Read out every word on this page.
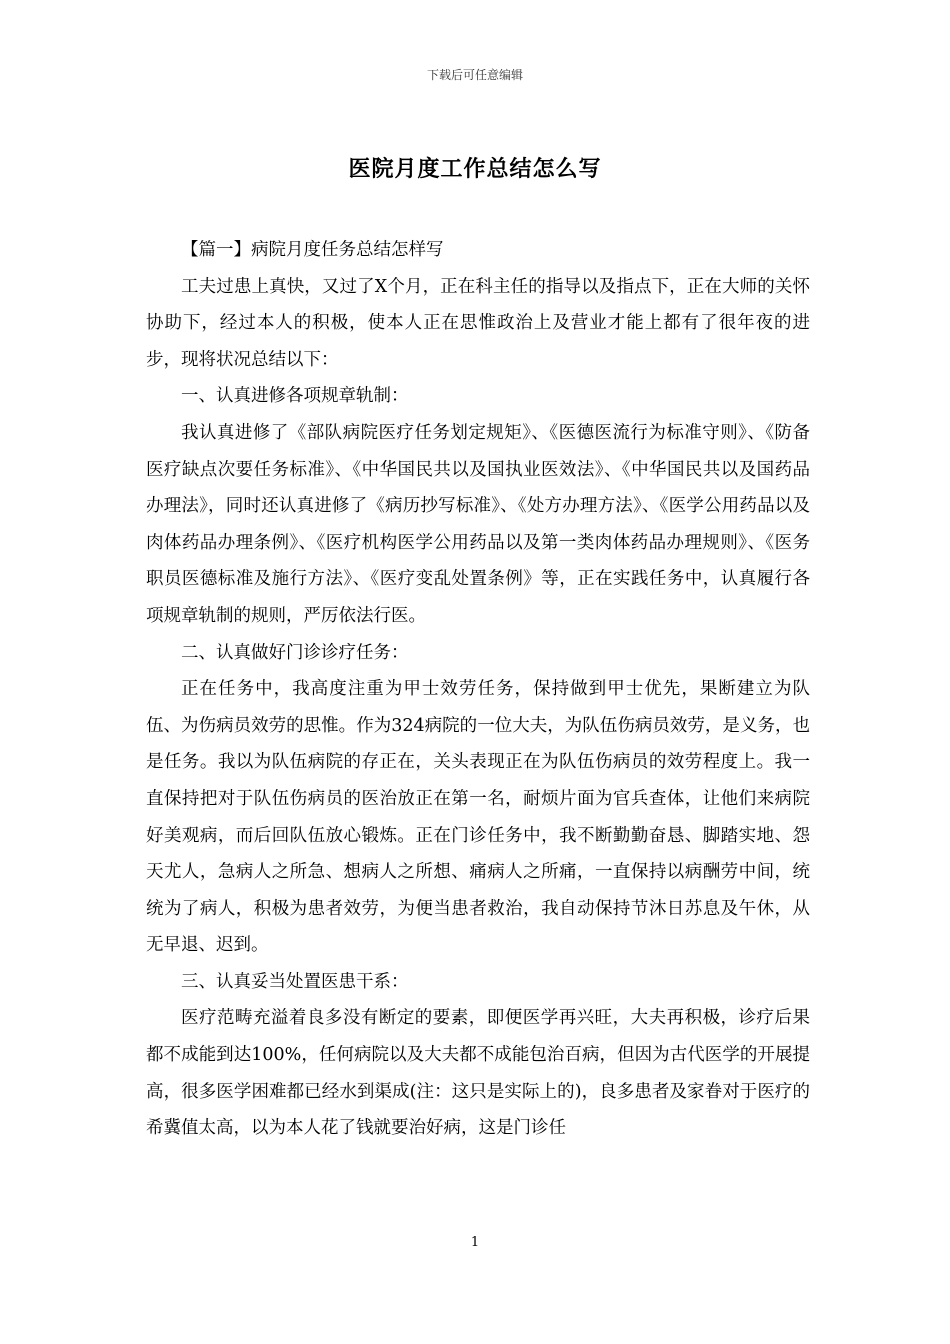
下载后可任意编辑
医院月度工作总结怎么写

【篇一】病院月度任务总结怎样写

工夫过患上真快，又过了X个月，正在科主任的指导以及指点下，正在大师的关怀协助下，经过本人的积极，使本人正在思惟政治上及营业才能上都有了很年夜的进步，现将状况总结以下：

一、认真进修各项规章轨制：

我认真进修了《部队病院医疗任务划定规矩》、《医德医流行为标准守则》、《防备医疗缺点次要任务标准》、《中华国民共以及国执业医效法》、《中华国民共以及国药品办理法》，同时还认真进修了《病历抄写标准》、《处方办理方法》、《医学公用药品以及肉体药品办理条例》、《医疗机构医学公用药品以及第一类肉体药品办理规则》、《医务职员医德标准及施行方法》、《医疗变乱处置条例》等，正在实践任务中，认真履行各项规章轨制的规则，严厉依法行医。

二、认真做好门诊诊疗任务：

正在任务中，我高度注重为甲士效劳任务，保持做到甲士优先，果断建立为队伍、为伤病员效劳的思惟。作为324病院的一位大夫，为队伍伤病员效劳，是义务，也是任务。我以为队伍病院的存正在，关头表现正在为队伍伤病员的效劳程度上。我一直保持把对于队伍伤病员的医治放正在第一名，耐烦片面为官兵查体，让他们来病院好美观病，而后回队伍放心锻炼。正在门诊任务中，我不断勤勤奋恳、脚踏实地、怨天尤人，急病人之所急、想病人之所想、痛病人之所痛，一直保持以病酬劳中间，统统为了病人，积极为患者效劳，为便当患者救治，我自动保持节沐日苏息及午休，从无早退、迟到。

三、认真妥当处置医患干系：

医疗范畴充溢着良多没有断定的要素，即便医学再兴旺，大夫再积极，诊疗后果都不成能到达100%，任何病院以及大夫都不成能包治百病，但因为古代医学的开展提高，很多医学困难都已经水到渠成(注：这只是实际上的)，良多患者及家眷对于医疗的希冀值太高，以为本人花了钱就要治好病，这是门诊任

1
